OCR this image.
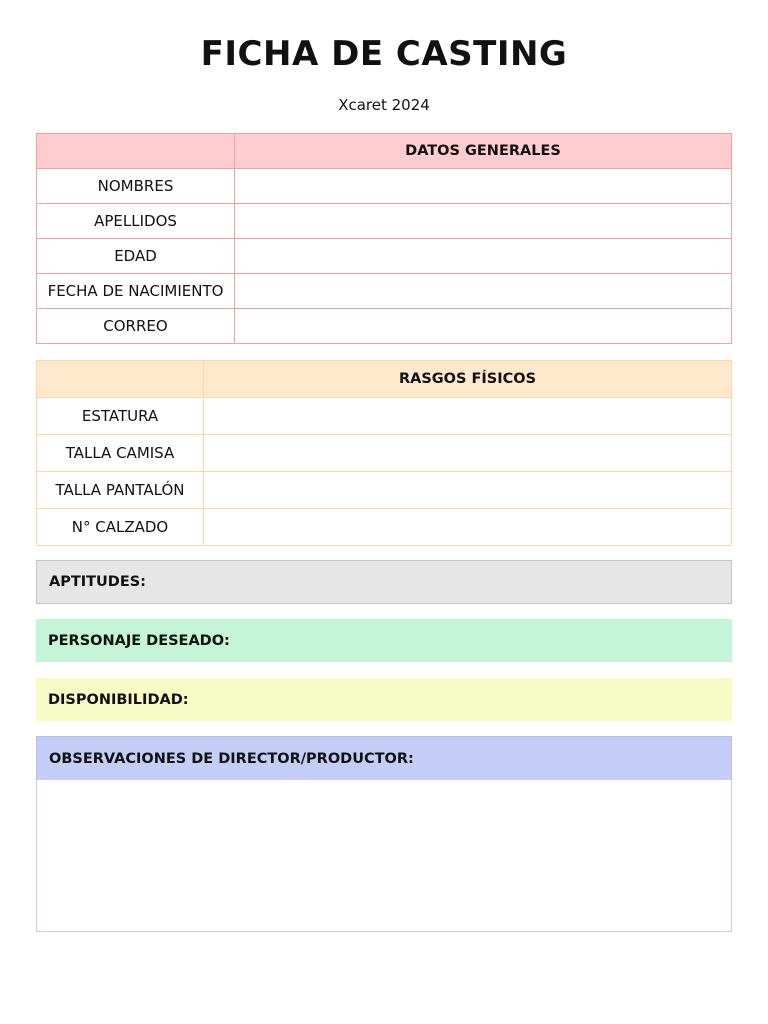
FICHA DE CASTING
Xcaret 2024
	DATOS GENERALES
NOMBRES	
APELLIDOS	
EDAD	
FECHA DE NACIMIENTO	
CORREO	
	RASGOS FÍSICOS
ESTATURA	
TALLA CAMISA	
TALLA PANTALÓN	
N° CALZADO	
APTITUDES:
PERSONAJE DESEADO:
DISPONIBILIDAD:
OBSERVACIONES DE DIRECTOR/PRODUCTOR:
